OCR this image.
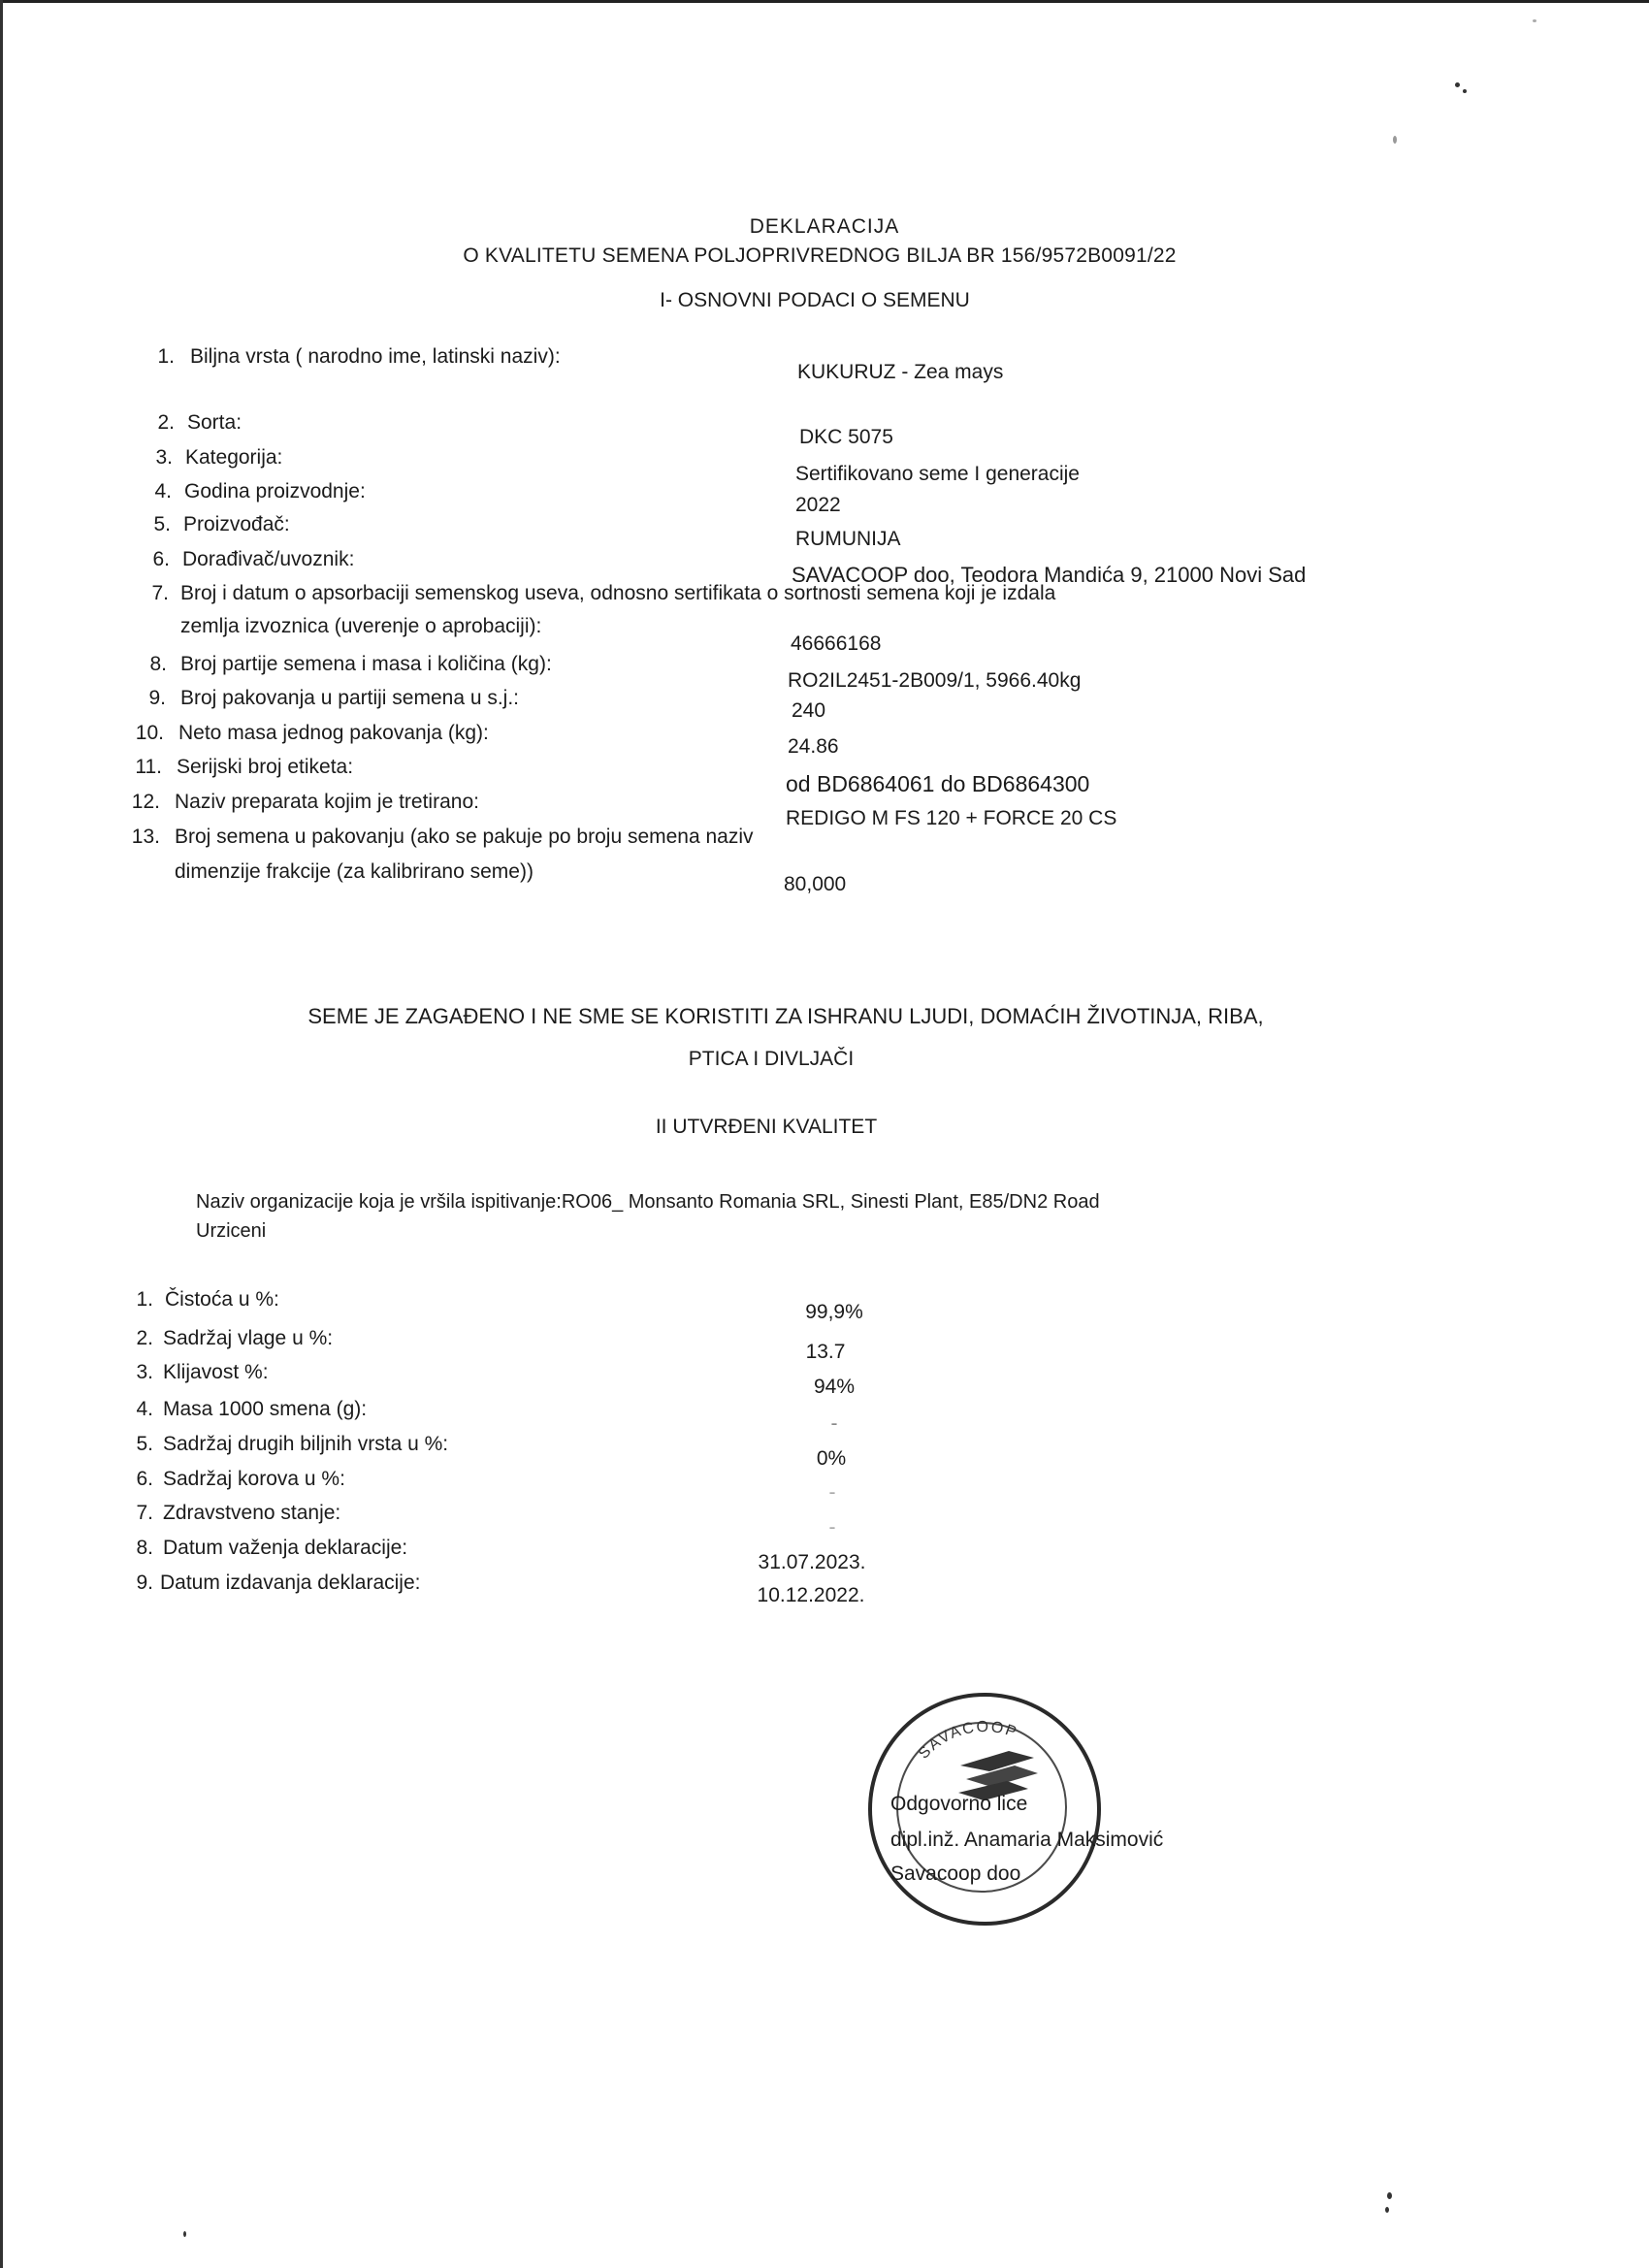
DEKLARACIJA
O KVALITETU SEMENA POLJOPRIVREDNOG BILJA BR 156/9572B0091/22
I- OSNOVNI PODACI O SEMENU
1. Biljna vrsta ( narodno ime, latinski naziv):
KUKURUZ - Zea mays
2. Sorta:
DKC 5075
3. Kategorija:
Sertifikovano seme I generacije
4. Godina proizvodnje:
2022
5. Proizvođač:
RUMUNIJA
6. Dorađivač/uvoznik:
SAVACOOP doo, Teodora Mandića 9, 21000 Novi Sad
7. Broj i datum o apsorbaciji semenskog useva, odnosno sertifikata o sortnosti semena koji je izdala
zemlja izvoznica (uverenje o aprobaciji):
46666168
8. Broj partije semena i masa i količina (kg):
RO2IL2451-2B009/1, 5966.40kg
9. Broj pakovanja u partiji semena u s.j.:
240
10. Neto masa jednog pakovanja (kg):
24.86
11. Serijski broj etiketa:
od BD6864061 do BD6864300
12. Naziv preparata kojim je tretirano:
REDIGO M FS 120 + FORCE 20 CS
13. Broj semena u pakovanju (ako se pakuje po broju semena naziv
dimenzije frakcije (za kalibrirano seme))
80,000
SEME JE ZAGAĐENO I NE SME SE KORISTITI ZA ISHRANU LJUDI, DOMAĆIH ŽIVOTINJA, RIBA,
PTICA I DIVLJAČI
II UTVRĐENI KVALITET
Naziv organizacije koja je vršila ispitivanje:RO06_ Monsanto Romania SRL, Sinesti Plant, E85/DN2 Road
Urziceni
1. Čistoća u %:
99,9%
2. Sadržaj vlage u %:
13.7
3. Klijavost %:
94%
4. Masa 1000 smena (g):
-
5. Sadržaj drugih biljnih vrsta u %:
0%
6. Sadržaj korova u %:
-
7. Zdravstveno stanje:
-
8. Datum važenja deklaracije:
31.07.2023.
9. Datum izdavanja deklaracije:
10.12.2022.
SAVACOOP
Odgovorno lice
dipl.inž. Anamaria Maksimović
Savacoop doo
